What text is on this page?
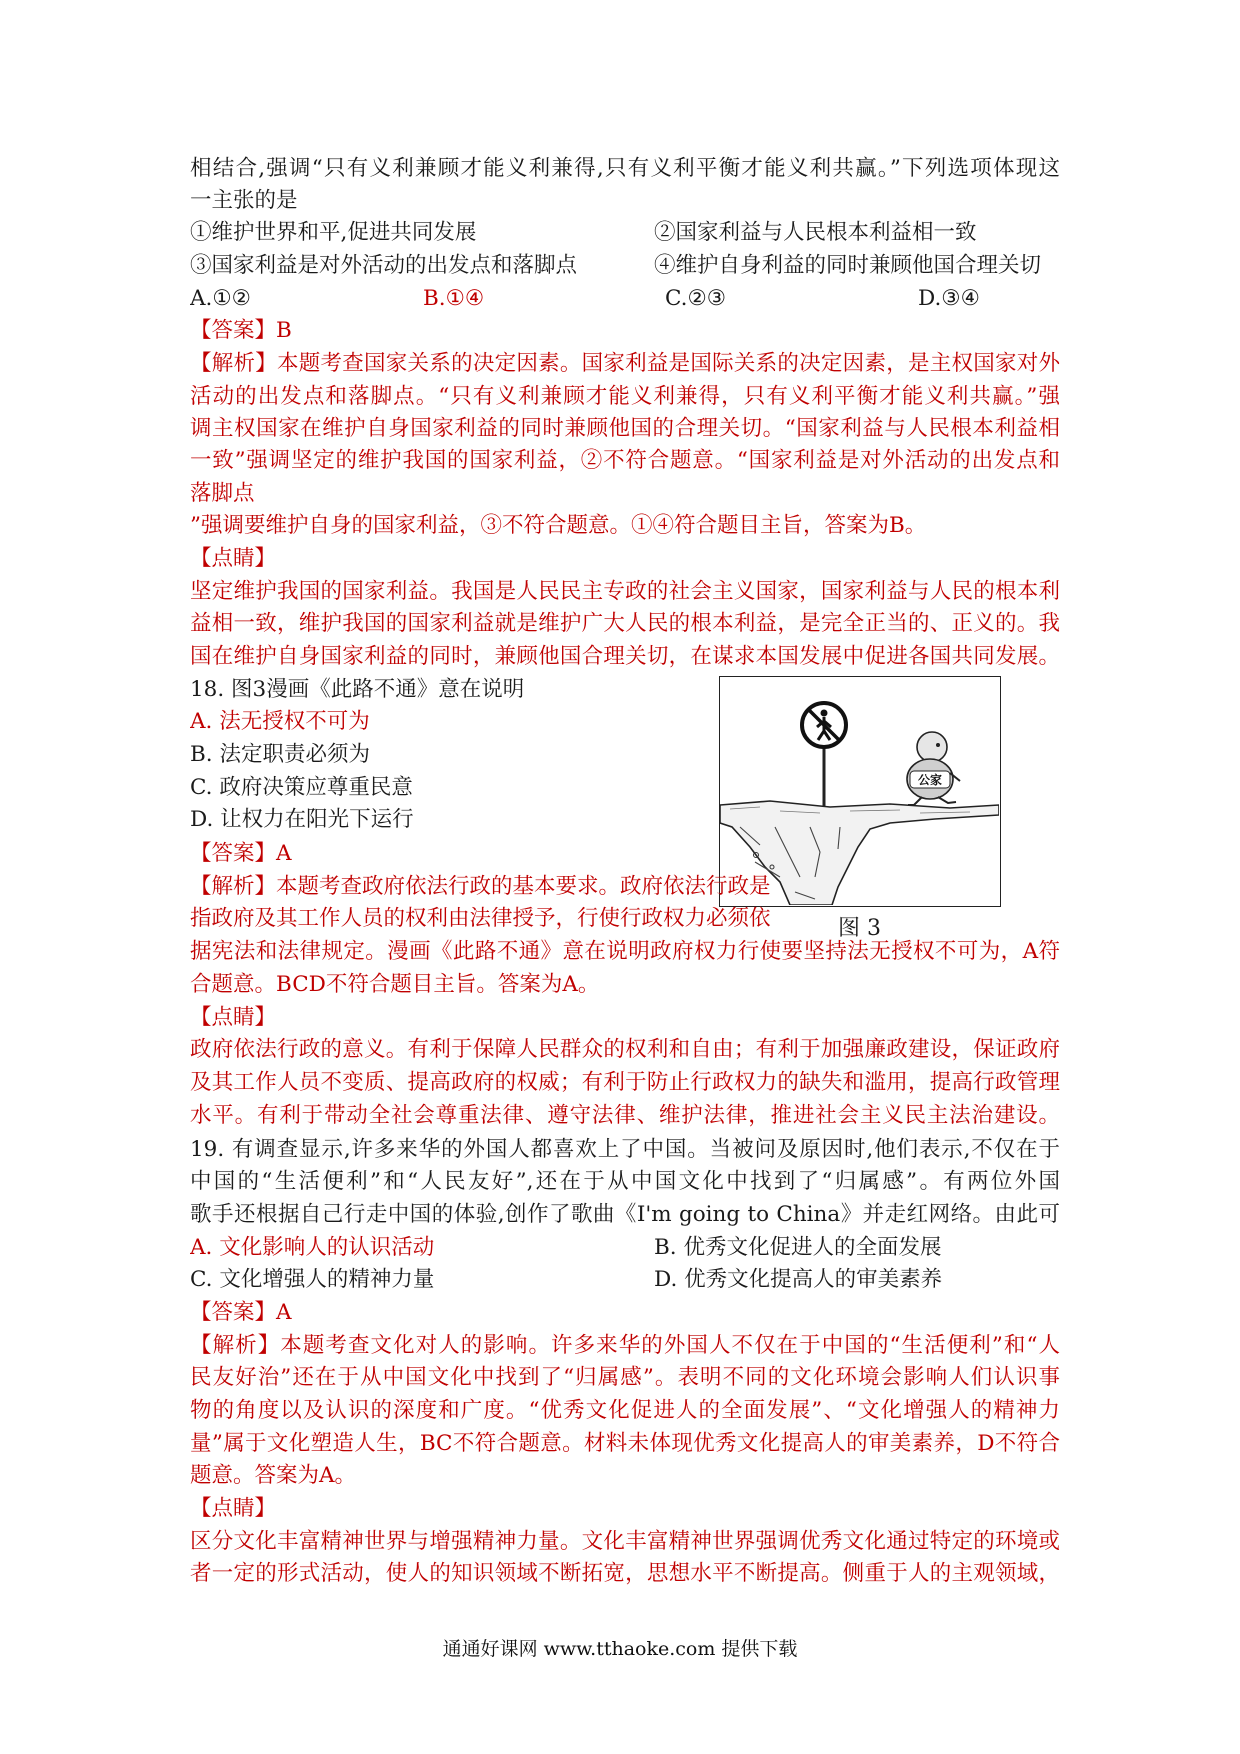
相结合,强调“只有义利兼顾才能义利兼得,只有义利平衡才能义利共赢。”下列选项体现这
一主张的是
①维护世界和平,促进共同发展	②国家利益与人民根本利益相一致
③国家利益是对外活动的出发点和落脚点	④维护自身利益的同时兼顾他国合理关切
A.①②	B.①④	C.②③	D.③④
【答案】B
【解析】本题考查国家关系的决定因素。国家利益是国际关系的决定因素，是主权国家对外
活动的出发点和落脚点。“只有义利兼顾才能义利兼得，只有义利平衡才能义利共赢。”强
调主权国家在维护自身国家利益的同时兼顾他国的合理关切。“国家利益与人民根本利益相
一致”强调坚定的维护我国的国家利益，②不符合题意。“国家利益是对外活动的出发点和
落脚点
”强调要维护自身的国家利益，③不符合题意。①④符合题目主旨，答案为B。
【点睛】
坚定维护我国的国家利益。我国是人民民主专政的社会主义国家，国家利益与人民的根本利
益相一致，维护我国的国家利益就是维护广大人民的根本利益，是完全正当的、正义的。我
国在维护自身国家利益的同时，兼顾他国合理关切，在谋求本国发展中促进各国共同发展。
18. 图3漫画《此路不通》意在说明
A. 法无授权不可为
B. 法定职责必须为
C. 政府决策应尊重民意
D. 让权力在阳光下运行
【答案】A
【解析】本题考查政府依法行政的基本要求。政府依法行政是
指政府及其工作人员的权利由法律授予，行使行政权力必须依
据宪法和法律规定。漫画《此路不通》意在说明政府权力行使要坚持法无授权不可为，A符
合题意。BCD不符合题目主旨。答案为A。
【点睛】
政府依法行政的意义。有利于保障人民群众的权利和自由；有利于加强廉政建设，保证政府
及其工作人员不变质、提高政府的权威；有利于防止行政权力的缺失和滥用，提高行政管理
水平。有利于带动全社会尊重法律、遵守法律、维护法律，推进社会主义民主法治建设。
公家
图 3
19. 有调查显示,许多来华的外国人都喜欢上了中国。当被问及原因时,他们表示,不仅在于
中国的“生活便利”和“人民友好”,还在于从中国文化中找到了“归属感”。有两位外国
歌手还根据自己行走中国的体验,创作了歌曲《I'm going to China》并走红网络。由此可
A. 文化影响人的认识活动	B. 优秀文化促进人的全面发展
C. 文化增强人的精神力量	D. 优秀文化提高人的审美素养
【答案】A
【解析】本题考查文化对人的影响。许多来华的外国人不仅在于中国的“生活便利”和“人
民友好治”还在于从中国文化中找到了“归属感”。表明不同的文化环境会影响人们认识事
物的角度以及认识的深度和广度。“优秀文化促进人的全面发展”、“文化增强人的精神力
量”属于文化塑造人生，BC不符合题意。材料未体现优秀文化提高人的审美素养，D不符合
题意。答案为A。
【点睛】
区分文化丰富精神世界与增强精神力量。文化丰富精神世界强调优秀文化通过特定的环境或
者一定的形式活动，使人的知识领域不断拓宽，思想水平不断提高。侧重于人的主观领域，
通通好课网 www.tthaoke.com 提供下载
